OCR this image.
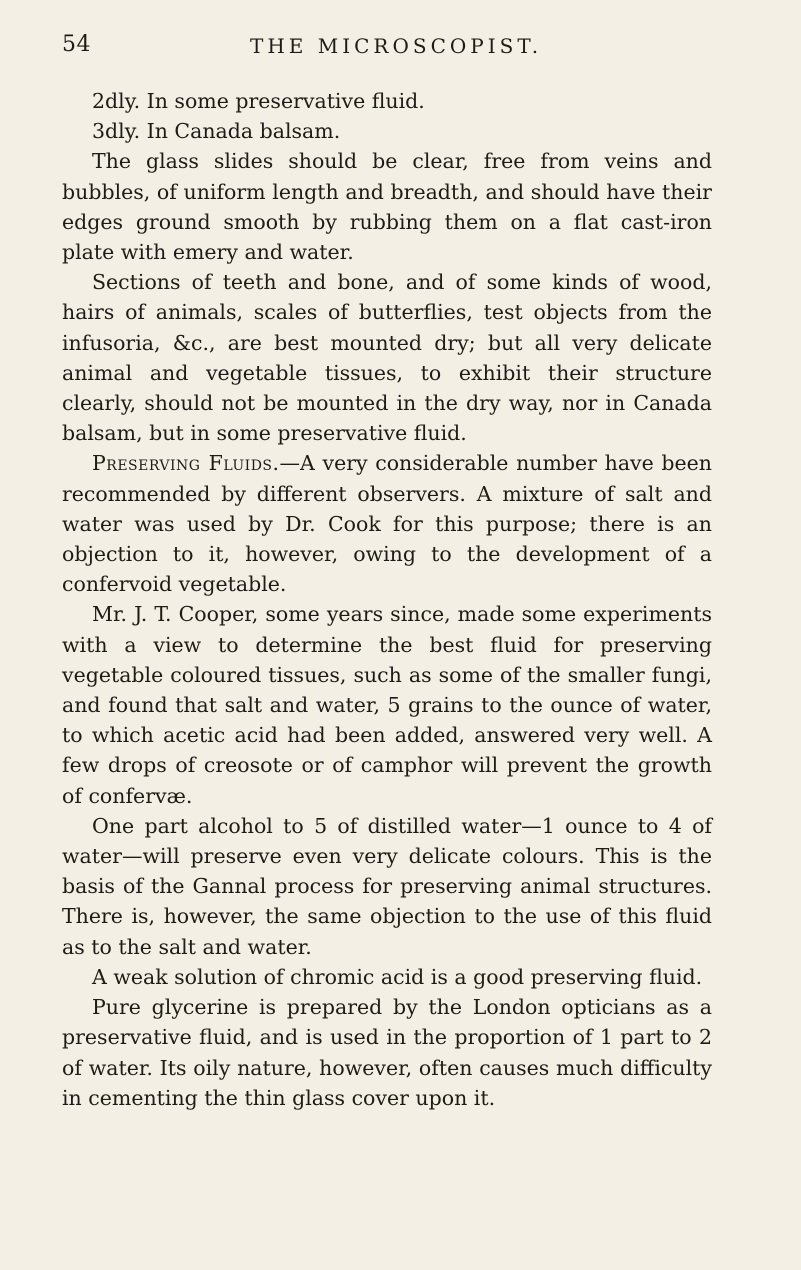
54	THE MICROSCOPIST.

2dly. In some preservative fluid.

3dly. In Canada balsam.

The glass slides should be clear, free from veins and bubbles, of uniform length and breadth, and should have their edges ground smooth by rubbing them on a flat cast-iron plate with emery and water.

Sections of teeth and bone, and of some kinds of wood, hairs of animals, scales of butterflies, test objects from the infusoria, &c., are best mounted dry; but all very delicate animal and vegetable tissues, to exhibit their structure clearly, should not be mounted in the dry way, nor in Canada balsam, but in some preservative fluid.

Preserving Fluids.—A very considerable number have been recommended by different observers. A mixture of salt and water was used by Dr. Cook for this purpose; there is an objection to it, however, owing to the development of a confervoid vegetable.

Mr. J. T. Cooper, some years since, made some experiments with a view to determine the best fluid for preserving vegetable coloured tissues, such as some of the smaller fungi, and found that salt and water, 5 grains to the ounce of water, to which acetic acid had been added, answered very well. A few drops of creosote or of camphor will prevent the growth of confervæ.

One part alcohol to 5 of distilled water—1 ounce to 4 of water—will preserve even very delicate colours. This is the basis of the Gannal process for preserving animal structures. There is, however, the same objection to the use of this fluid as to the salt and water.

A weak solution of chromic acid is a good preserving fluid.

Pure glycerine is prepared by the London opticians as a preservative fluid, and is used in the proportion of 1 part to 2 of water. Its oily nature, however, often causes much difficulty in cementing the thin glass cover upon it.
